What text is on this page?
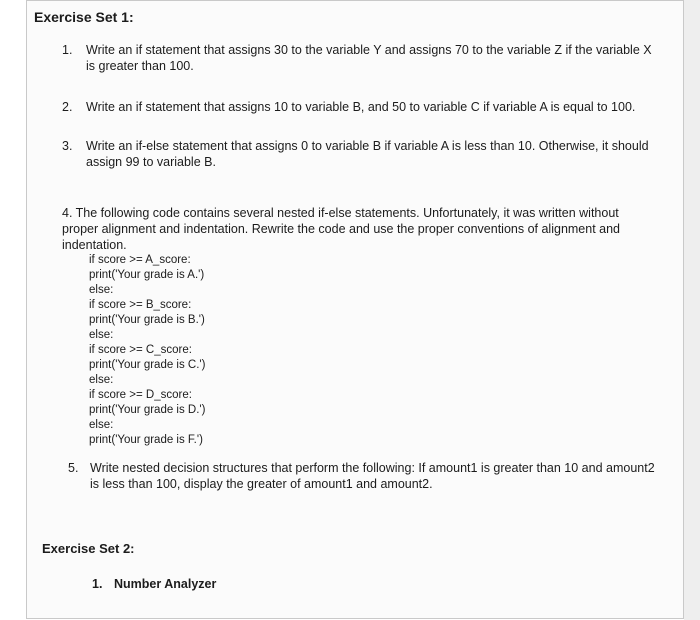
Exercise Set 1:
1. Write an if statement that assigns 30 to the variable Y and assigns 70 to the variable Z if the variable X is greater than 100.
2. Write an if statement that assigns 10 to variable B, and 50 to variable C if variable A is equal to 100.
3. Write an if-else statement that assigns 0 to variable B if variable A is less than 10. Otherwise, it should assign 99 to variable B.
4. The following code contains several nested if-else statements. Unfortunately, it was written without proper alignment and indentation. Rewrite the code and use the proper conventions of alignment and indentation.
if score >= A_score:
print('Your grade is A.')
else:
if score >= B_score:
print('Your grade is B.')
else:
if score >= C_score:
print('Your grade is C.')
else:
if score >= D_score:
print('Your grade is D.')
else:
print('Your grade is F.')
5. Write nested decision structures that perform the following: If amount1 is greater than 10 and amount2 is less than 100, display the greater of amount1 and amount2.
Exercise Set 2:
1. Number Analyzer
